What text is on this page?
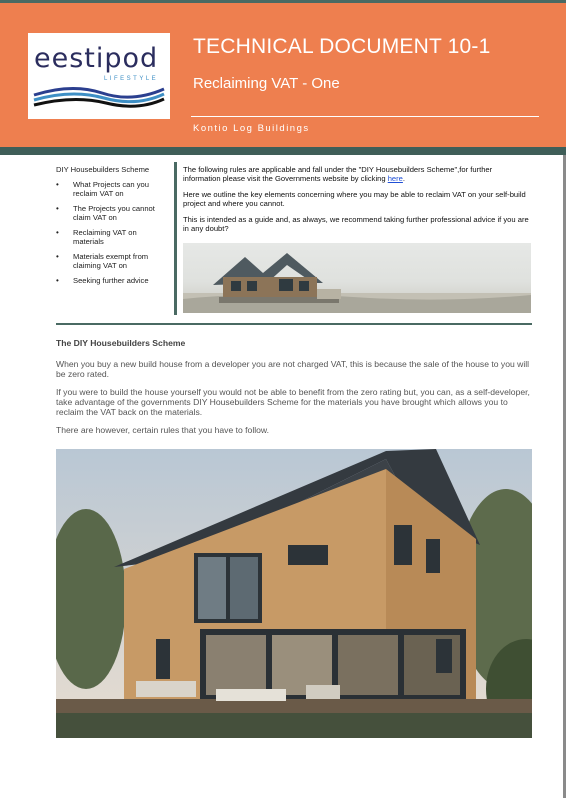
eestipod
LIFESTYLE
TECHNICAL DOCUMENT 10-1
Reclaiming VAT - One
Kontio Log Buildings
DIY Housebuilders Scheme
• What Projects can you reclaim VAT on
• The Projects you cannot claim VAT on
• Reclaiming VAT on materials
• Materials exempt from claiming VAT on
• Seeking further advice

The following rules are applicable and fall under the "DIY Housebuilders Scheme",for further information please visit the Governments website by clicking here.

Here we outline the key elements concerning where you may be able to reclaim VAT on your self-build project and where you cannot.

This is intended as a guide and, as always, we recommend taking further professional advice if you are in any doubt?

The DIY Housebuilders Scheme

When you buy a new build house from a developer you are not charged VAT, this is because the sale of the house to you will be zero rated.

If you were to build the house yourself you would not be able to benefit from the zero rating but, you can, as a self-developer, take advantage of the governments DIY Housebuilders Scheme for the materials you have brought which allows you to reclaim the VAT back on the materials.

There are however, certain rules that you have to follow.
